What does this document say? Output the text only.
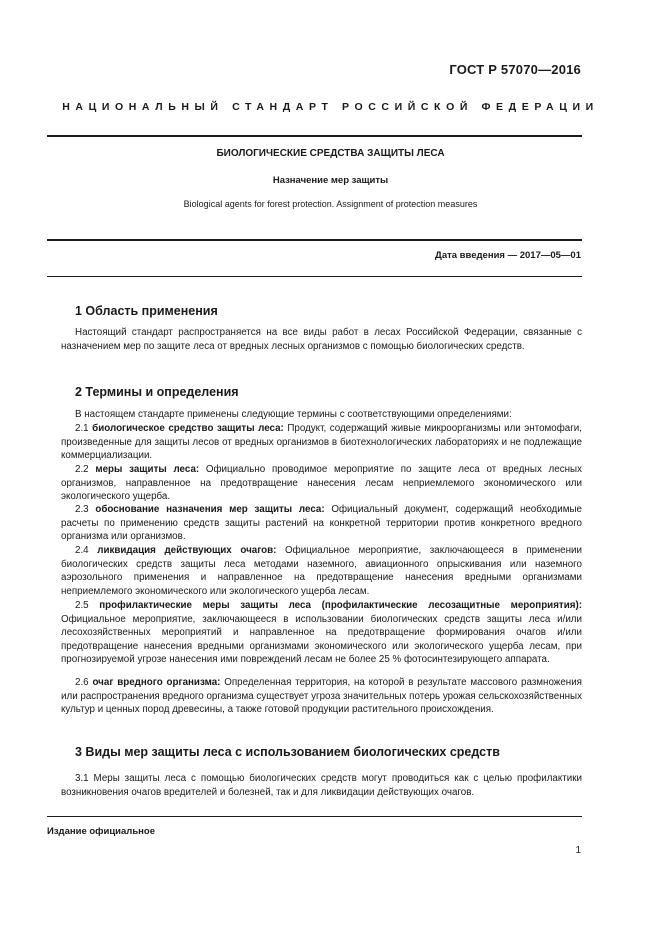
ГОСТ Р 57070—2016
НАЦИОНАЛЬНЫЙ СТАНДАРТ РОССИЙСКОЙ ФЕДЕРАЦИИ
БИОЛОГИЧЕСКИЕ СРЕДСТВА ЗАЩИТЫ ЛЕСА
Назначение мер защиты
Biological agents for forest protection. Assignment of protection measures
Дата введения — 2017—05—01
1 Область применения
Настоящий стандарт распространяется на все виды работ в лесах Российской Федерации, связанные с назначением мер по защите леса от вредных лесных организмов с помощью биологических средств.
2 Термины и определения
В настоящем стандарте применены следующие термины с соответствующими определениями:
2.1 биологическое средство защиты леса: Продукт, содержащий живые микроорганизмы или энтомофаги, произведенные для защиты лесов от вредных организмов в биотехнологических лабораториях и не подлежащие коммерциализации.
2.2 меры защиты леса: Официально проводимое мероприятие по защите леса от вредных лесных организмов, направленное на предотвращение нанесения лесам неприемлемого экономического или экологического ущерба.
2.3 обоснование назначения мер защиты леса: Официальный документ, содержащий необходимые расчеты по применению средств защиты растений на конкретной территории против конкретного вредного организма или организмов.
2.4 ликвидация действующих очагов: Официальное мероприятие, заключающееся в применении биологических средств защиты леса методами наземного, авиационного опрыскивания или наземного аэрозольного применения и направленное на предотвращение нанесения вредными организмами неприемлемого экономического или экологического ущерба лесам.
2.5 профилактические меры защиты леса (профилактические лесозащитные мероприятия): Официальное мероприятие, заключающееся в использовании биологических средств защиты леса и/или лесохозяйственных мероприятий и направленное на предотвращение формирования очагов и/или предотвращение нанесения вредными организмами экономического или экологического ущерба лесам, при прогнозируемой угрозе нанесения ими повреждений лесам не более 25 % фотосинтезирующего аппарата.
2.6 очаг вредного организма: Определенная территория, на которой в результате массового размножения или распространения вредного организма существует угроза значительных потерь урожая сельскохозяйственных культур и ценных пород древесины, а также готовой продукции растительного происхождения.
3 Виды мер защиты леса с использованием биологических средств
3.1 Меры защиты леса с помощью биологических средств могут проводиться как с целью профилактики возникновения очагов вредителей и болезней, так и для ликвидации действующих очагов.
Издание официальное
1
